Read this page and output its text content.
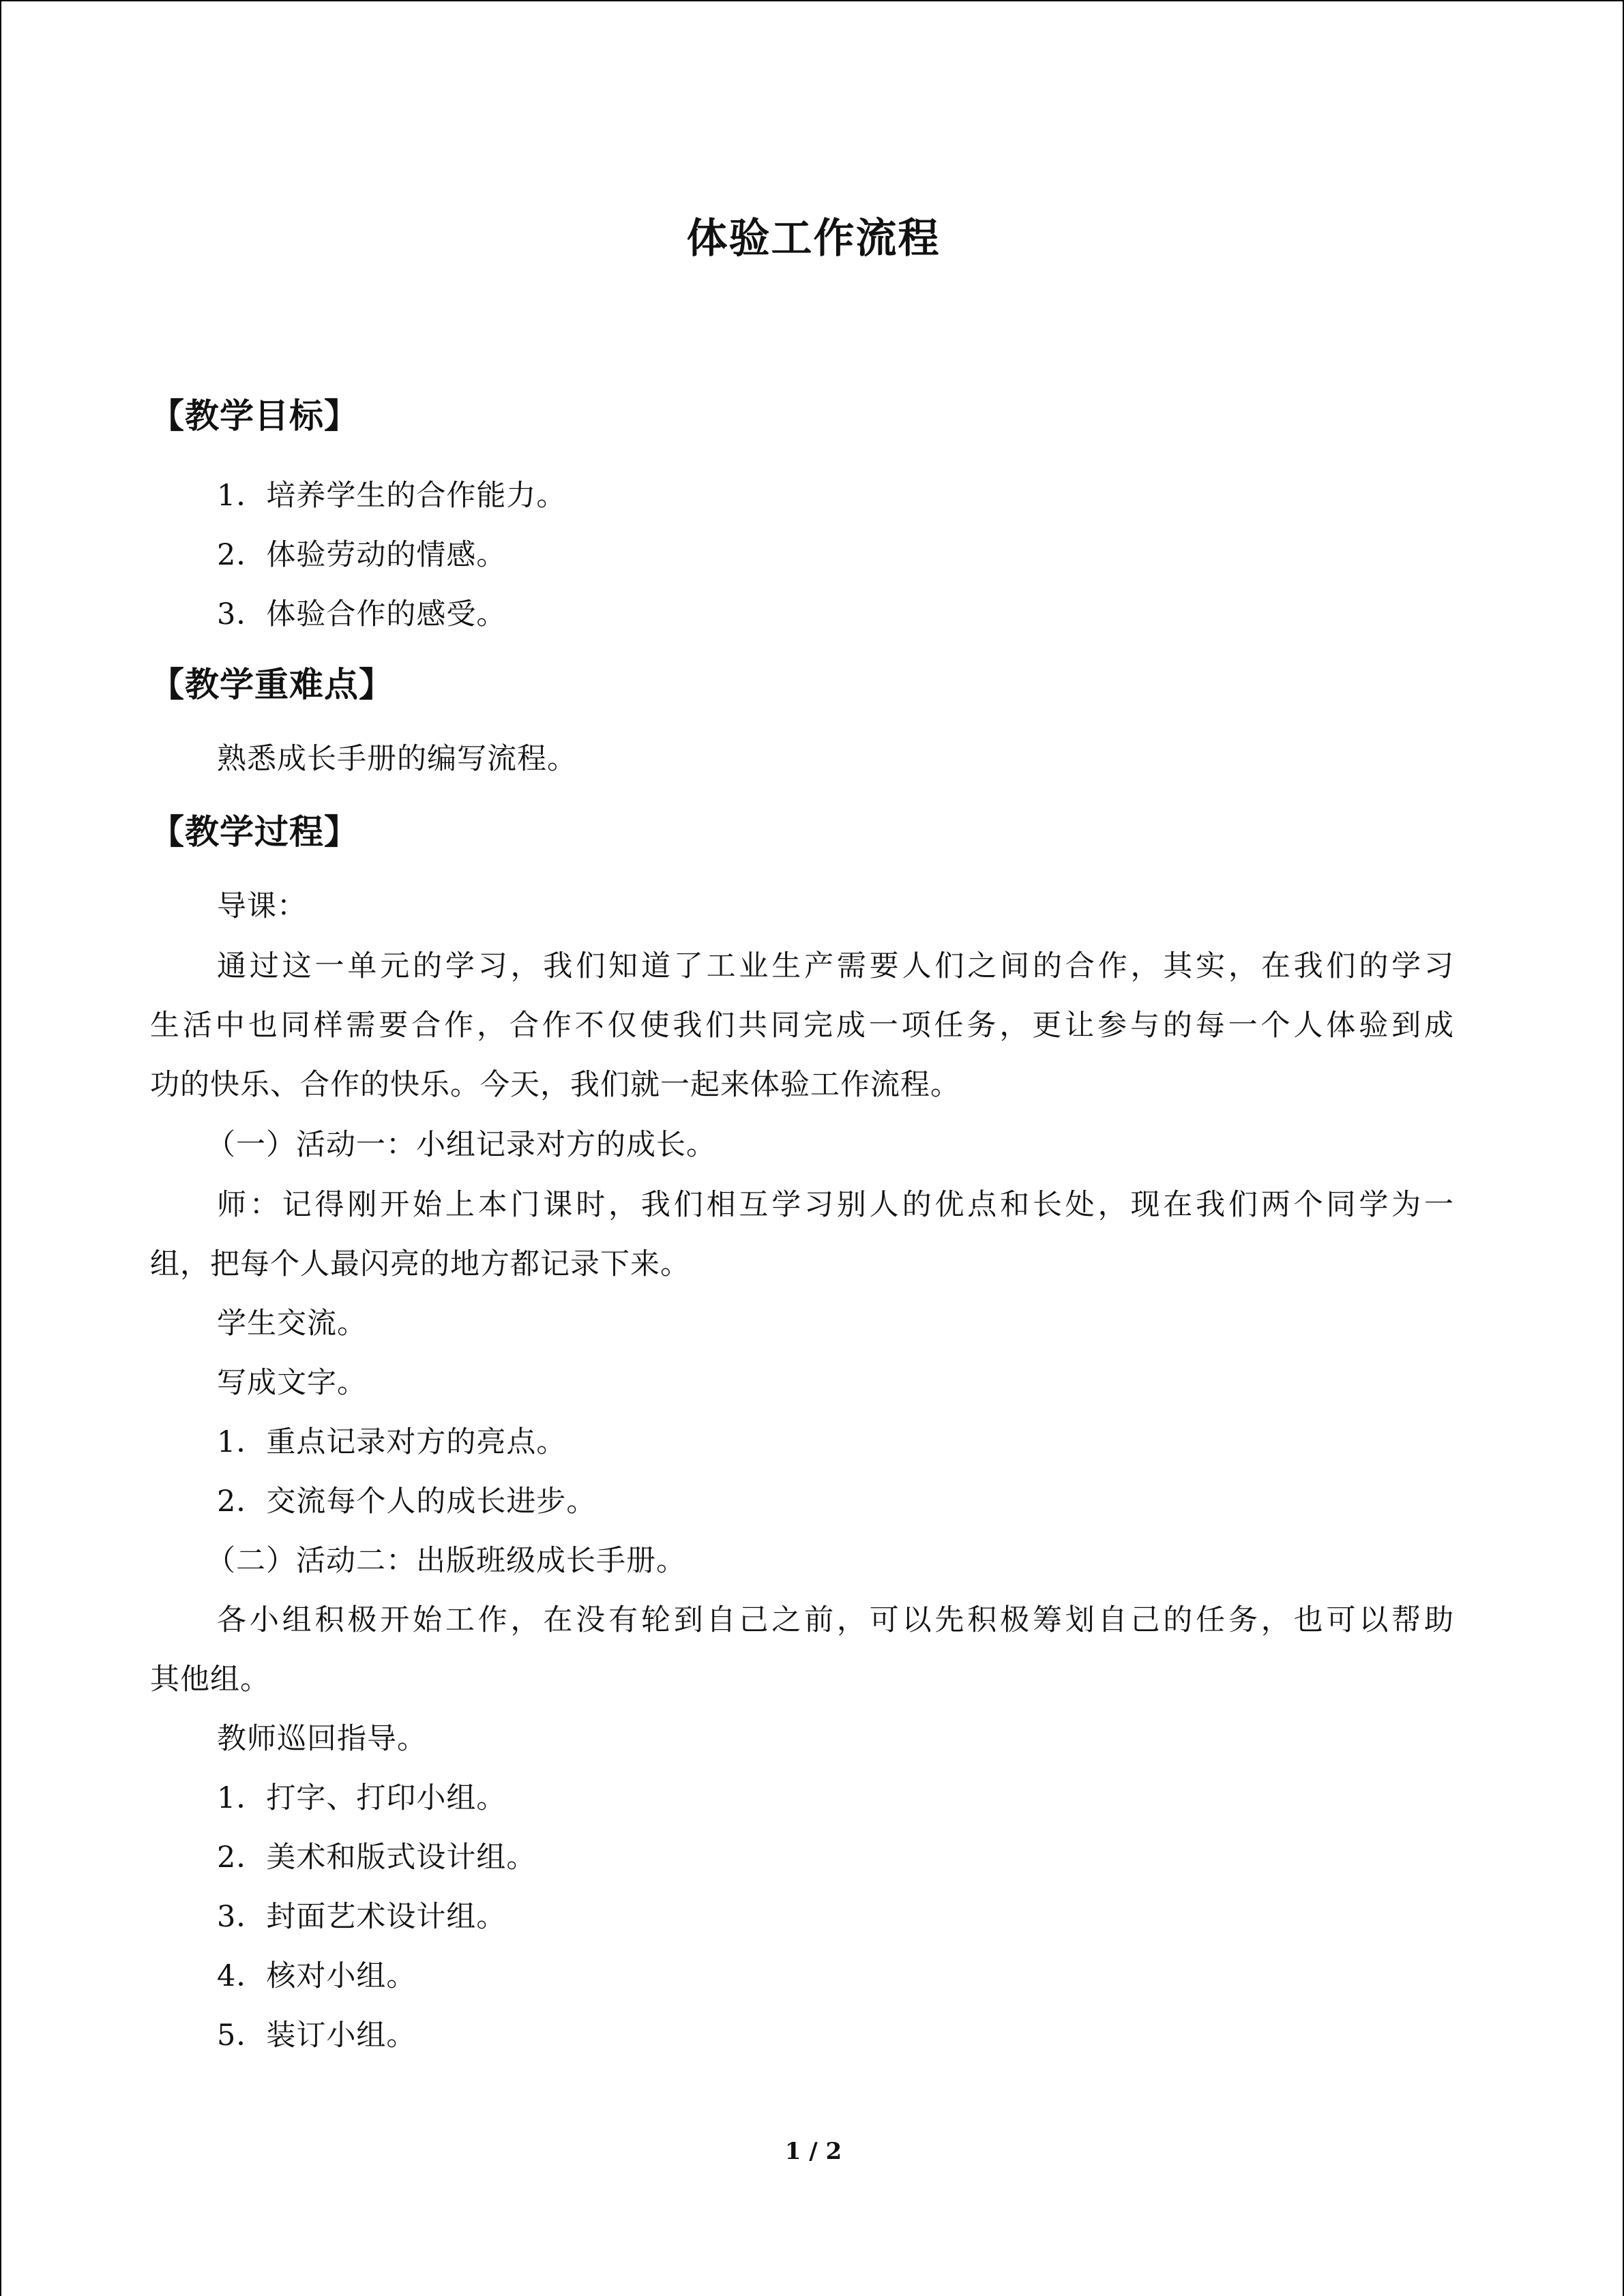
体验工作流程
【教学目标】
1．培养学生的合作能力。
2．体验劳动的情感。
3．体验合作的感受。
【教学重难点】
熟悉成长手册的编写流程。
【教学过程】
导课：
通过这一单元的学习，我们知道了工业生产需要人们之间的合作，其实，在我们的学习
生活中也同样需要合作，合作不仅使我们共同完成一项任务，更让参与的每一个人体验到成
功的快乐、合作的快乐。今天，我们就一起来体验工作流程。
（一）活动一：小组记录对方的成长。
师：记得刚开始上本门课时，我们相互学习别人的优点和长处，现在我们两个同学为一
组，把每个人最闪亮的地方都记录下来。
学生交流。
写成文字。
1．重点记录对方的亮点。
2．交流每个人的成长进步。
（二）活动二：出版班级成长手册。
各小组积极开始工作，在没有轮到自己之前，可以先积极筹划自己的任务，也可以帮助
其他组。
教师巡回指导。
1．打字、打印小组。
2．美术和版式设计组。
3．封面艺术设计组。
4．核对小组。
5．装订小组。
1 / 2
